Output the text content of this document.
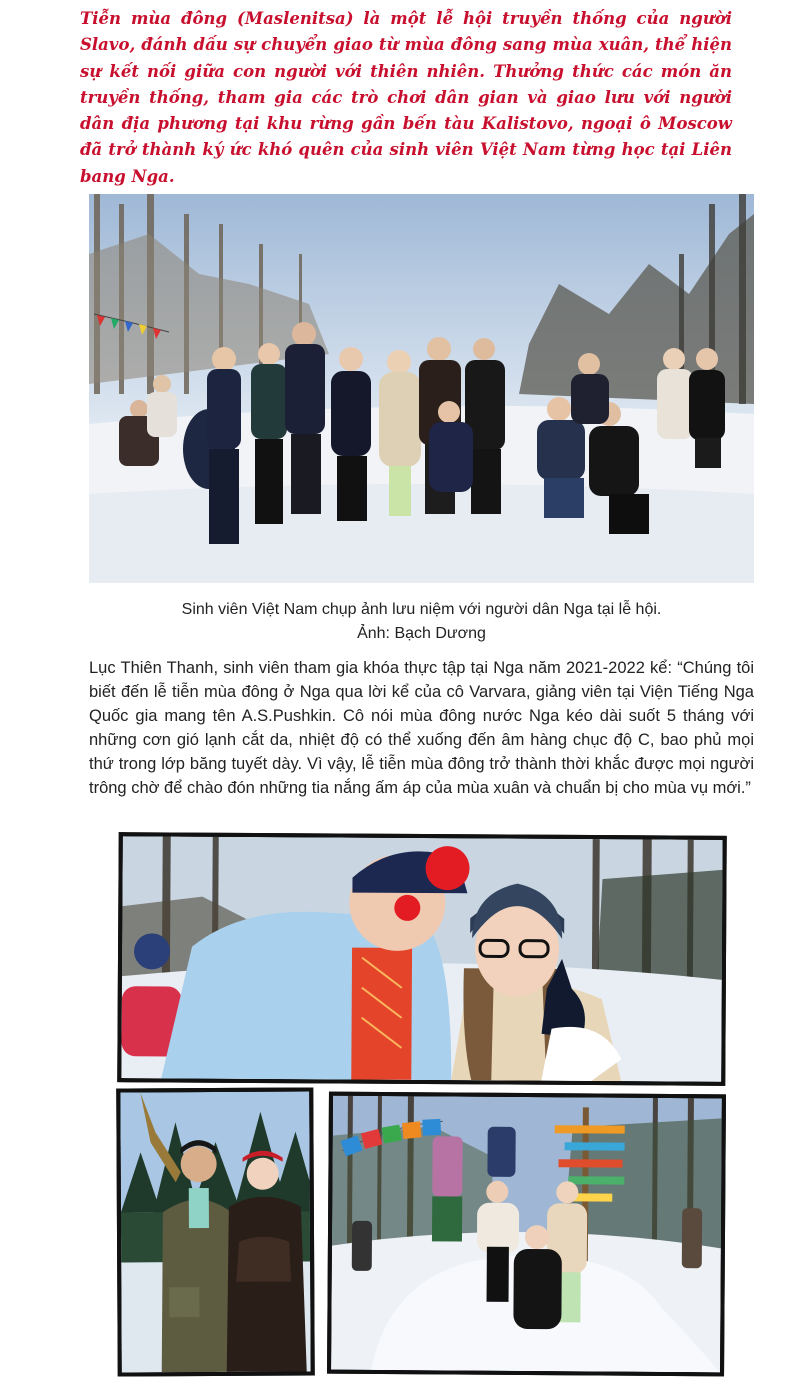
Tiễn mùa đông (Maslenitsa) là một lễ hội truyền thống của người Slavo, đánh dấu sự chuyển giao từ mùa đông sang mùa xuân, thể hiện sự kết nối giữa con người với thiên nhiên. Thưởng thức các món ăn truyền thống, tham gia các trò chơi dân gian và giao lưu với người dân địa phương tại khu rừng gần bến tàu Kalistovo, ngoại ô Moscow đã trở thành ký ức khó quên của sinh viên Việt Nam từng học tại Liên bang Nga.

Sinh viên Việt Nam chụp ảnh lưu niệm với người dân Nga tại lễ hội.
Ảnh: Bạch Dương

Lục Thiên Thanh, sinh viên tham gia khóa thực tập tại Nga năm 2021-2022 kể: “Chúng tôi biết đến lễ tiễn mùa đông ở Nga qua lời kể của cô Varvara, giảng viên tại Viện Tiếng Nga Quốc gia mang tên A.S.Pushkin. Cô nói mùa đông nước Nga kéo dài suốt 5 tháng với những cơn gió lạnh cắt da, nhiệt độ có thể xuống đến âm hàng chục độ C, bao phủ mọi thứ trong lớp băng tuyết dày. Vì vậy, lễ tiễn mùa đông trở thành thời khắc được mọi người trông chờ để chào đón những tia nắng ấm áp của mùa xuân và chuẩn bị cho mùa vụ mới.”
